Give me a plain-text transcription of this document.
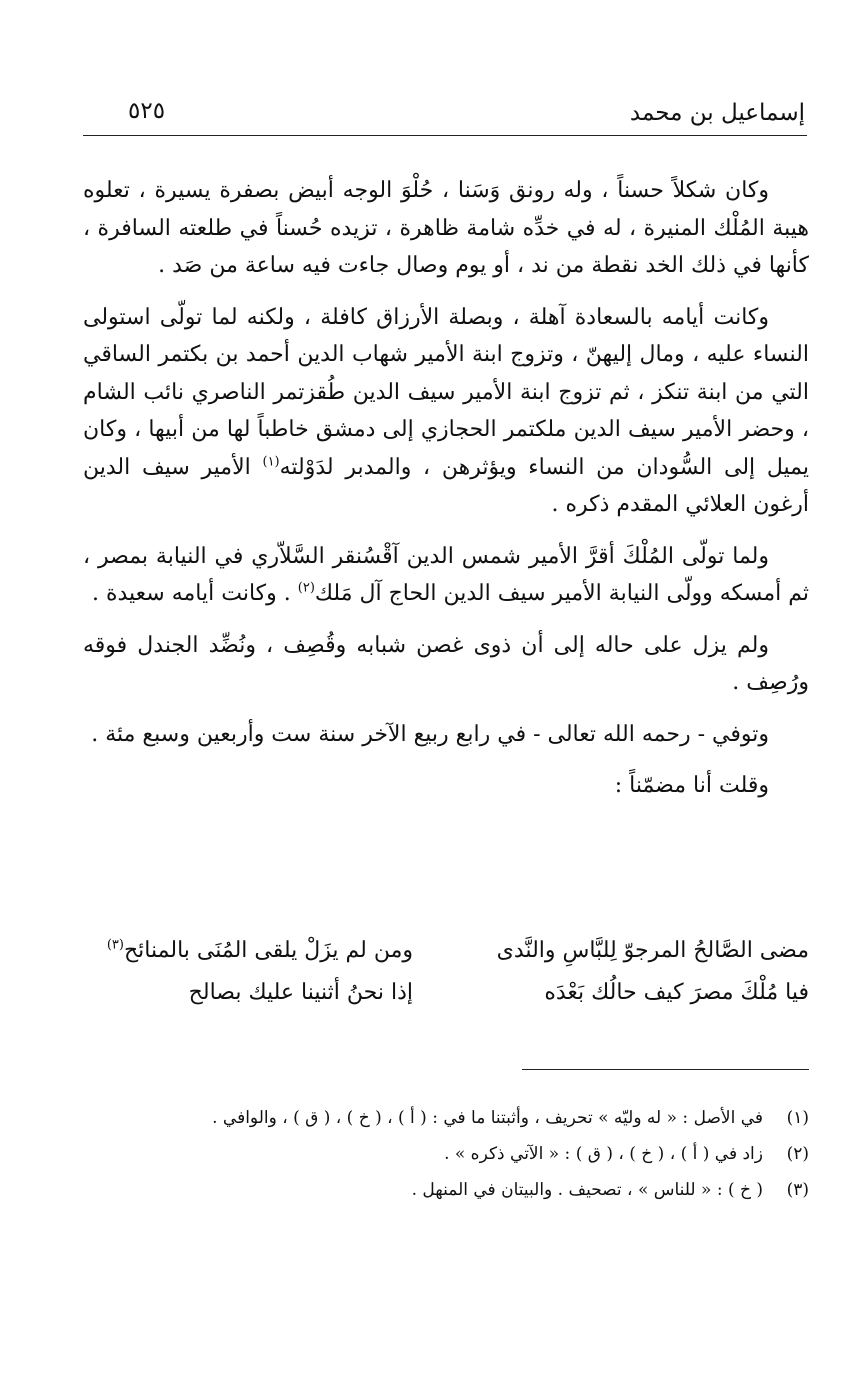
إسماعيل بن محمد
٥٢٥

وكان شكلاً حسناً ، وله رونق وَسَنا ، حُلْوَ الوجه أبيض بصفرة يسيرة ، تعلوه هيبة المُلْك المنيرة ، له في خدِّه شامة ظاهرة ، تزيده حُسناً في طلعته السافرة ، كأنها في ذلك الخد نقطة من ند ، أو يوم وصال جاءت فيه ساعة من صَد .

وكانت أيامه بالسعادة آهلة ، وبصلة الأرزاق كافلة ، ولكنه لما تولّى استولى النساء عليه ، ومال إليهنّ ، وتزوج ابنة الأمير شهاب الدين أحمد بن بكتمر الساقي التي من ابنة تنكز ، ثم تزوج ابنة الأمير سيف الدين طُقزتمر الناصري نائب الشام ، وحضر الأمير سيف الدين ملكتمر الحجازي إلى دمشق خاطباً لها من أبيها ، وكان يميل إلى السُّودان من النساء ويؤثرهن ، والمدبر لدَوْلته$^{(١)}$ الأمير سيف الدين أرغون العلائي المقدم ذكره .

ولما تولّى المُلْكَ أقرَّ الأمير شمس الدين آقْسُنقر السَّلاّري في النيابة بمصر ، ثم أمسكه وولّى النيابة الأمير سيف الدين الحاج آل مَلك$^{(٢)}$ . وكانت أيامه سعيدة .

ولم يزل على حاله إلى أن ذوى غصن شبابه وقُصِف ، ونُضِّد الجندل فوقه ورُصِف .

وتوفي - رحمه الله تعالى - في رابع ربيع الآخر سنة ست وأربعين وسبع مئة .

وقلت أنا مضمّناً :

مضى الصَّالحُ المرجوّ لِلبَّاسِ والنَّدى
ومن لم يزَلْ يلقى المُنَى بالمنائح$^{(٣)}$
فيا مُلْكَ مصرَ كيف حالُك بَعْدَه
إذا نحنُ أثنينا عليك بصالح
(١)
في الأصل : « له وليّه » تحريف ، وأثبتنا ما في : ( أ ) ، ( خ ) ، ( ق ) ، والوافي .
(٢)
زاد في ( أ ) ، ( خ ) ، ( ق ) : « الآتي ذكره » .
(٣)
( خ ) : « للناس » ، تصحيف . والبيتان في المنهل .
